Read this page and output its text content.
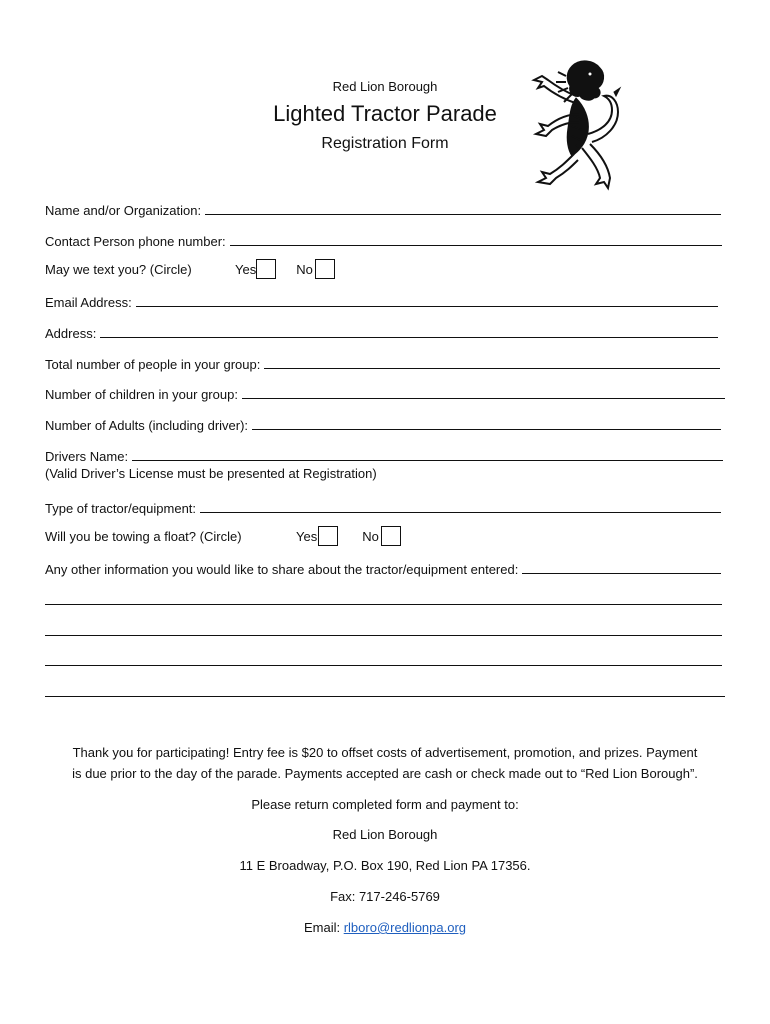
Red Lion Borough
Lighted Tractor Parade
Registration Form
Name and/or Organization:
Contact Person phone number:
May we text you? (Circle)	Yes	No
Email Address:
Address:
Total number of people in your group:
Number of children in your group:
Number of Adults (including driver):
Drivers Name:
(Valid Driver’s License must be presented at Registration)
Type of tractor/equipment:
Will you be towing a float? (Circle)	Yes	No
Any other information you would like to share about the tractor/equipment entered:
Thank you for participating! Entry fee is $20 to offset costs of advertisement, promotion, and prizes. Payment
is due prior to the day of the parade. Payments accepted are cash or check made out to “Red Lion Borough”.
Please return completed form and payment to:
Red Lion Borough
11 E Broadway, P.O. Box 190, Red Lion PA 17356.
Fax: 717-246-5769
Email: rlboro@redlionpa.org
